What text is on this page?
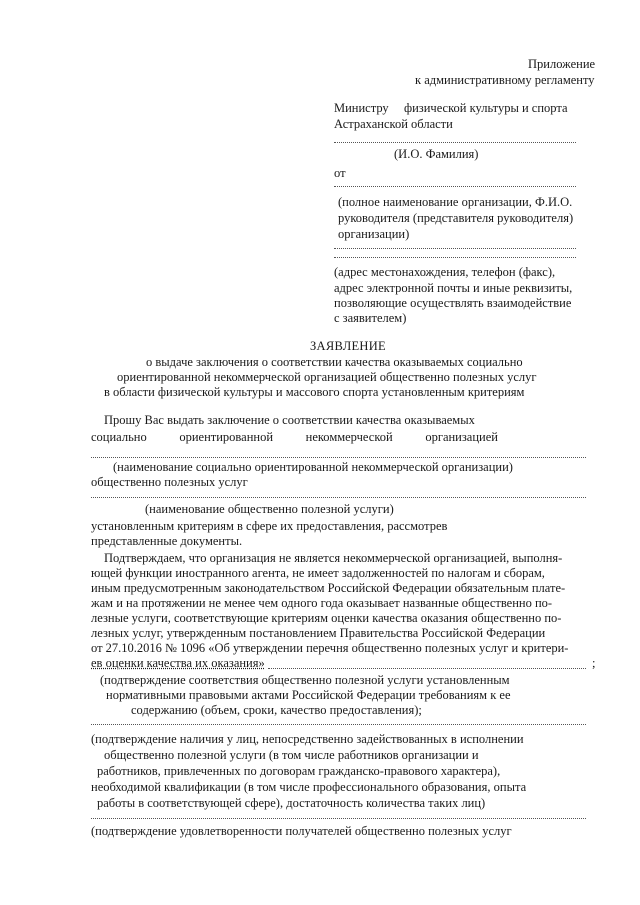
Приложение
к административному регламенту
Министру физической культуры и спорта
Астраханской области
(И.О. Фамилия)
от
(полное наименование организации, Ф.И.О.
руководителя (представителя руководителя)
организации)
(адрес местонахождения, телефон (факс),
адрес электронной почты и иные реквизиты,
позволяющие осуществлять взаимодействие
с заявителем)
ЗАЯВЛЕНИЕ
о выдаче заключения о соответствии качества оказываемых социально
ориентированной некоммерческой организацией общественно полезных услуг
в области физической культуры и массового спорта установленным критериям
Прошу Вас выдать заключение о соответствии качества оказываемых
социально	ориентированной	некоммерческой	организацией
(наименование социально ориентированной некоммерческой организации)
общественно полезных услуг
(наименование общественно полезной услуги)
установленным критериям в сфере их предоставления, рассмотрев
представленные документы.
Подтверждаем, что организация не является некоммерческой организацией, выполня-
ющей функции иностранного агента, не имеет задолженностей по налогам и сборам,
иным предусмотренным законодательством Российской Федерации обязательным плате-
жам и на протяжении не менее чем одного года оказывает названные общественно по-
лезные услуги, соответствующие критериям оценки качества оказания общественно по-
лезных услуг, утвержденным постановлением Правительства Российской Федерации
от 27.10.2016 № 1096 «Об утверждении перечня общественно полезных услуг и критери-
ев оценки качества их оказания»	;
(подтверждение соответствия общественно полезной услуги установленным
нормативными правовыми актами Российской Федерации требованиям к ее
содержанию (объем, сроки, качество предоставления);
(подтверждение наличия у лиц, непосредственно задействованных в исполнении
общественно полезной услуги (в том числе работников организации и
работников, привлеченных по договорам гражданско-правового характера),
необходимой квалификации (в том числе профессионального образования, опыта
работы в соответствующей сфере), достаточность количества таких лиц)
(подтверждение удовлетворенности получателей общественно полезных услуг
